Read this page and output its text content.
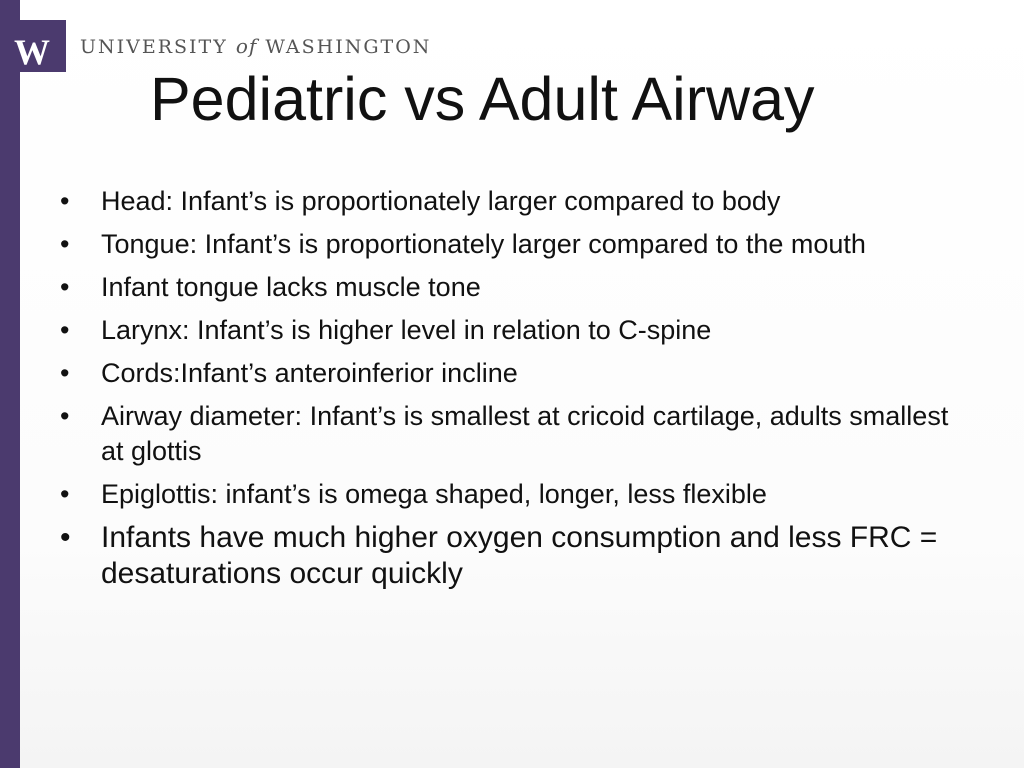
W UNIVERSITY of WASHINGTON
Pediatric vs Adult Airway
• Head: Infant’s is proportionately larger compared to body
• Tongue: Infant’s is proportionately larger compared to the mouth
• Infant tongue lacks muscle tone
• Larynx: Infant’s is higher level in relation to C-spine
• Cords:Infant’s anteroinferior incline
• Airway diameter: Infant’s is smallest at cricoid cartilage, adults smallest at glottis
• Epiglottis: infant’s is omega shaped, longer, less flexible
• Infants have much higher oxygen consumption and less FRC = desaturations occur quickly
